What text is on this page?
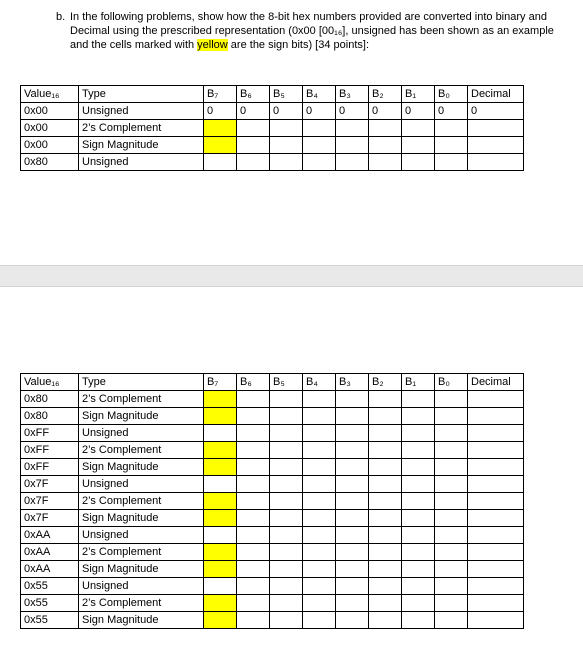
b. In the following problems, show how the 8-bit hex numbers provided are converted into binary and Decimal using the prescribed representation (0x00 [00₁₆], unsigned has been shown as an example and the cells marked with yellow are the sign bits) [34 points]:

Value₁₆	Type	B₇	B₆	B₅	B₄	B₃	B₂	B₁	B₀	Decimal
0x00	Unsigned	0	0	0	0	0	0	0	0	0
0x00	2’s Complement									
0x00	Sign Magnitude									
0x80	Unsigned									
Value₁₆	Type	B₇	B₆	B₅	B₄	B₃	B₂	B₁	B₀	Decimal
0x80	2’s Complement									
0x80	Sign Magnitude									
0xFF	Unsigned									
0xFF	2’s Complement									
0xFF	Sign Magnitude									
0x7F	Unsigned									
0x7F	2’s Complement									
0x7F	Sign Magnitude									
0xAA	Unsigned									
0xAA	2’s Complement									
0xAA	Sign Magnitude									
0x55	Unsigned									
0x55	2’s Complement									
0x55	Sign Magnitude									
